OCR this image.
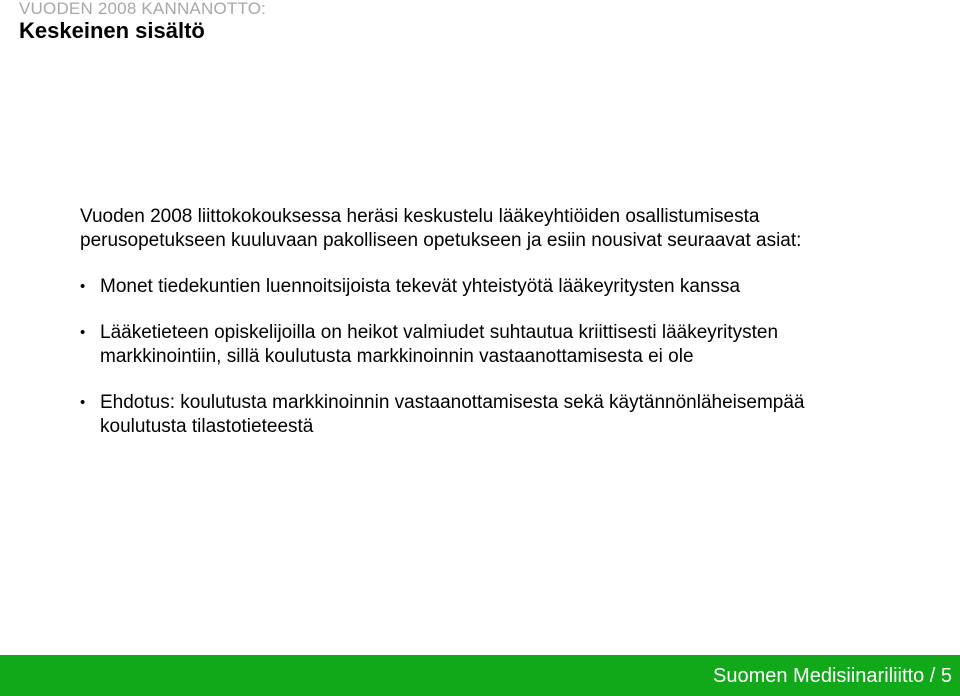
VUODEN 2008 KANNANOTTO:
Keskeinen sisältö
Vuoden 2008 liittokokouksessa heräsi keskustelu lääkeyhtiöiden osallistumisesta
perusopetukseen kuuluvaan pakolliseen opetukseen ja esiin nousivat seuraavat asiat:
• Monet tiedekuntien luennoitsijoista tekevät yhteistyötä lääkeyritysten kanssa
• Lääketieteen opiskelijoilla on heikot valmiudet suhtautua kriittisesti lääkeyritysten
markkinointiin, sillä koulutusta markkinoinnin vastaanottamisesta ei ole
• Ehdotus: koulutusta markkinoinnin vastaanottamisesta sekä käytännönläheisempää
koulutusta tilastotieteestä
Suomen Medisiinariliitto / 5
